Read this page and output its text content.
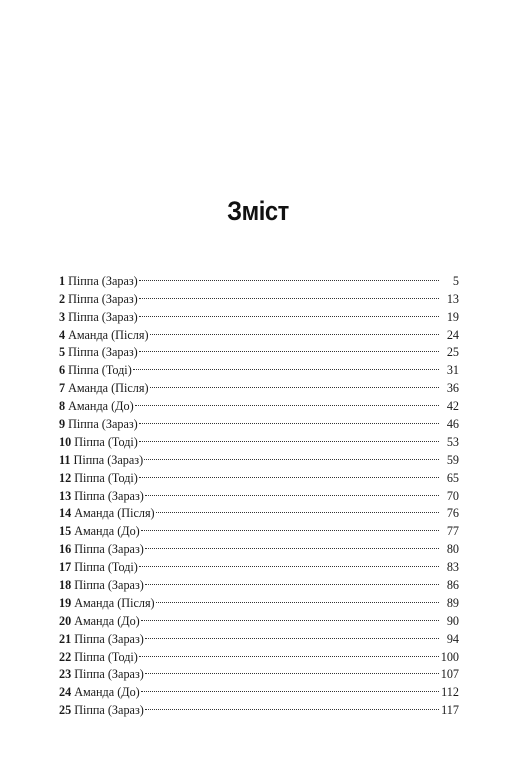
Зміст
1 Піппа (Зараз)	5
2 Піппа (Зараз)	13
3 Піппа (Зараз)	19
4 Аманда (Після)	24
5 Піппа (Зараз)	25
6 Піппа (Тоді)	31
7 Аманда (Після)	36
8 Аманда (До)	42
9 Піппа (Зараз)	46
10 Піппа (Тоді)	53
11 Піппа (Зараз)	59
12 Піппа (Тоді)	65
13 Піппа (Зараз)	70
14 Аманда (Після)	76
15 Аманда (До)	77
16 Піппа (Зараз)	80
17 Піппа (Тоді)	83
18 Піппа (Зараз)	86
19 Аманда (Після)	89
20 Аманда (До)	90
21 Піппа (Зараз)	94
22 Піппа (Тоді)	100
23 Піппа (Зараз)	107
24 Аманда (До)	112
25 Піппа (Зараз)	117
